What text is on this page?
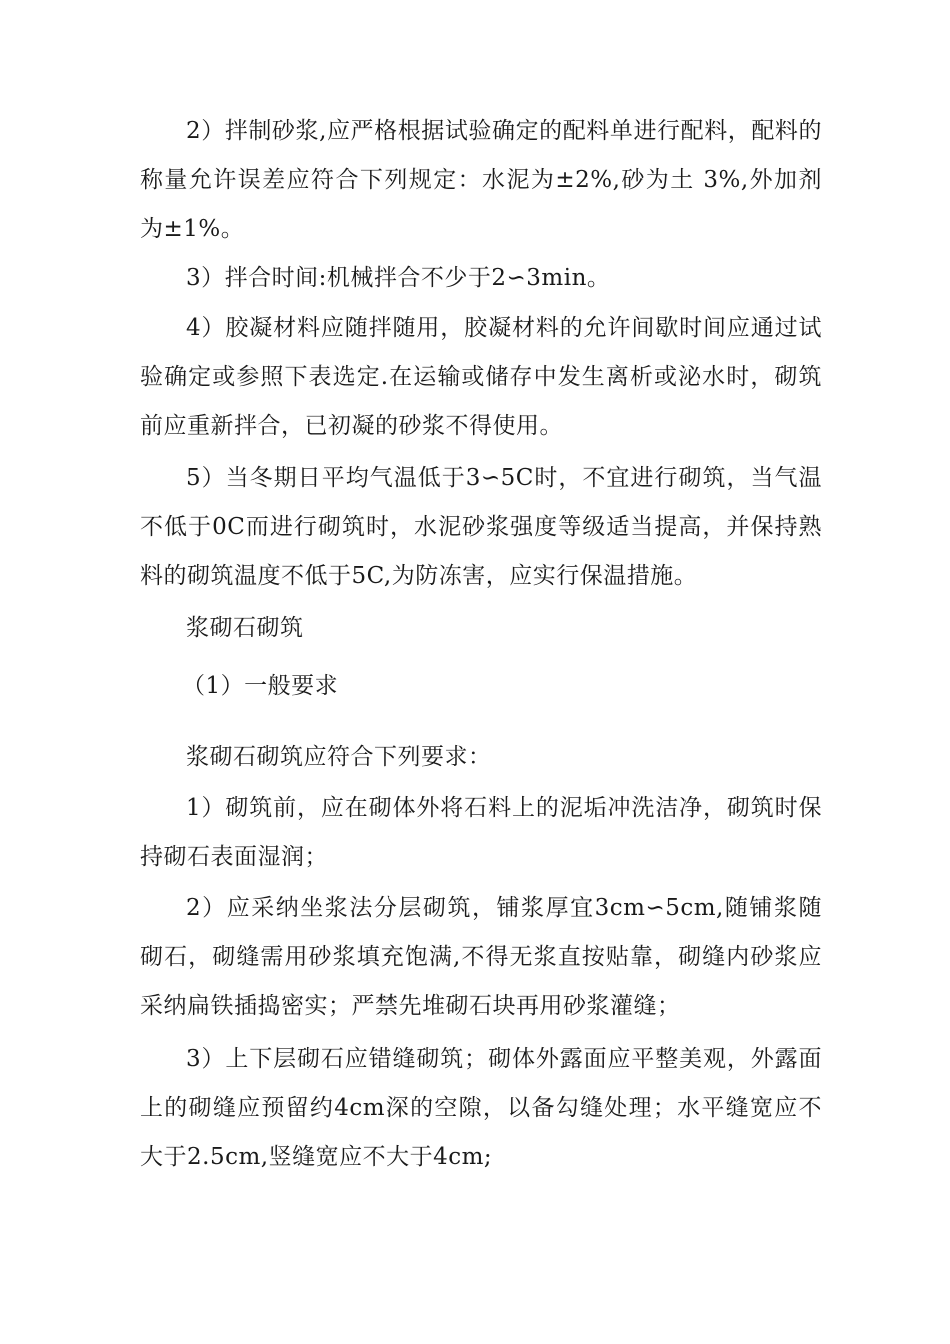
2）拌制砂浆,应严格根据试验确定的配料单进行配料，配料的称量允许误差应符合下列规定：水泥为±2%,砂为土 3%,外加剂为±1%。

3）拌合时间:机械拌合不少于2∽3min。

4）胶凝材料应随拌随用，胶凝材料的允许间歇时间应通过试验确定或参照下表选定.在运输或储存中发生离析或泌水时，砌筑前应重新拌合，已初凝的砂浆不得使用。

5）当冬期日平均气温低于3∽5C时，不宜进行砌筑，当气温不低于0C而进行砌筑时，水泥砂浆强度等级适当提高，并保持熟料的砌筑温度不低于5C,为防冻害，应实行保温措施。

浆砌石砌筑

（1）一般要求

浆砌石砌筑应符合下列要求：

1）砌筑前，应在砌体外将石料上的泥垢冲洗洁净，砌筑时保持砌石表面湿润；

2）应采纳坐浆法分层砌筑，铺浆厚宜3cm∽5cm,随铺浆随砌石，砌缝需用砂浆填充饱满,不得无浆直按贴靠，砌缝内砂浆应采纳扁铁插捣密实；严禁先堆砌石块再用砂浆灌缝；

3）上下层砌石应错缝砌筑；砌体外露面应平整美观，外露面上的砌缝应预留约4cm深的空隙，以备勾缝处理；水平缝宽应不大于2.5cm,竖缝宽应不大于4cm;
